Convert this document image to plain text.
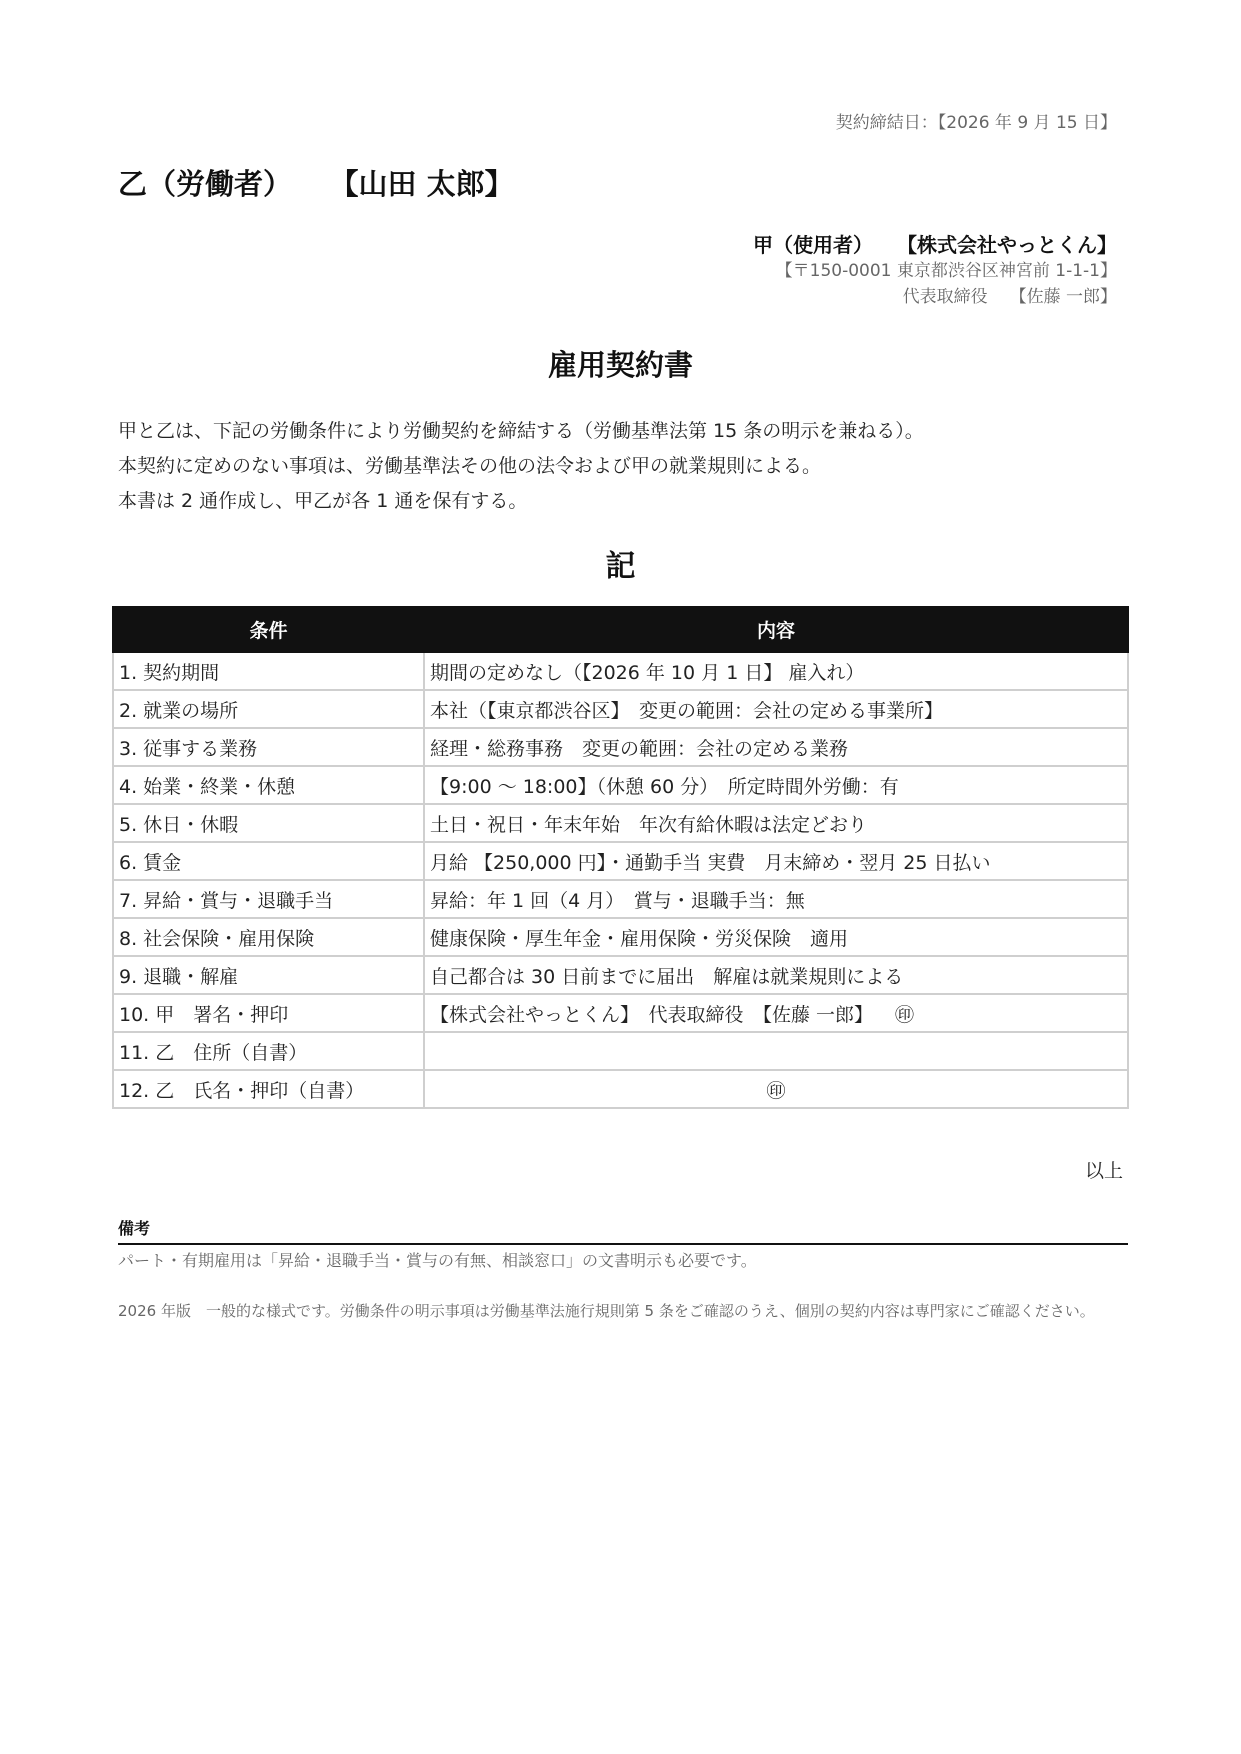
契約締結日：【2026 年 9 月 15 日】
乙（労働者） 【山田 太郎】
甲（使用者） 【株式会社やっとくん】
【〒150-0001 東京都渋谷区神宮前 1-1-1】
代表取締役 【佐藤 一郎】
雇用契約書

甲と乙は、下記の労働条件により労働契約を締結する（労働基準法第 15 条の明示を兼ねる）。

本契約に定めのない事項は、労働基準法その他の法令および甲の就業規則による。

本書は 2 通作成し、甲乙が各 1 通を保有する。

記
条件	内容
1. 契約期間	期間の定めなし（【2026 年 10 月 1 日】 雇入れ）
2. 就業の場所	本社（【東京都渋谷区】　変更の範囲：会社の定める事業所】
3. 従事する業務	経理・総務事務　変更の範囲：会社の定める業務
4. 始業・終業・休憩	【9:00 ～ 18:00】（休憩 60 分）　所定時間外労働：有
5. 休日・休暇	土日・祝日・年末年始　年次有給休暇は法定どおり
6. 賃金	月給 【250,000 円】・通勤手当 実費　月末締め・翌月 25 日払い
7. 昇給・賞与・退職手当	昇給：年 1 回（4 月）　賞与・退職手当：無
8. 社会保険・雇用保険	健康保険・厚生年金・雇用保険・労災保険　適用
9. 退職・解雇	自己都合は 30 日前までに届出　解雇は就業規則による
10. 甲　署名・押印	【株式会社やっとくん】　代表取締役　【佐藤 一郎】 ㊞
11. 乙　住所（自書）	
12. 乙　氏名・押印（自書）	㊞
以上
備考
パート・有期雇用は「昇給・退職手当・賞与の有無、相談窓口」の文書明示も必要です。
2026 年版　一般的な様式です。労働条件の明示事項は労働基準法施行規則第 5 条をご確認のうえ、個別の契約内容は専門家にご確認ください。
